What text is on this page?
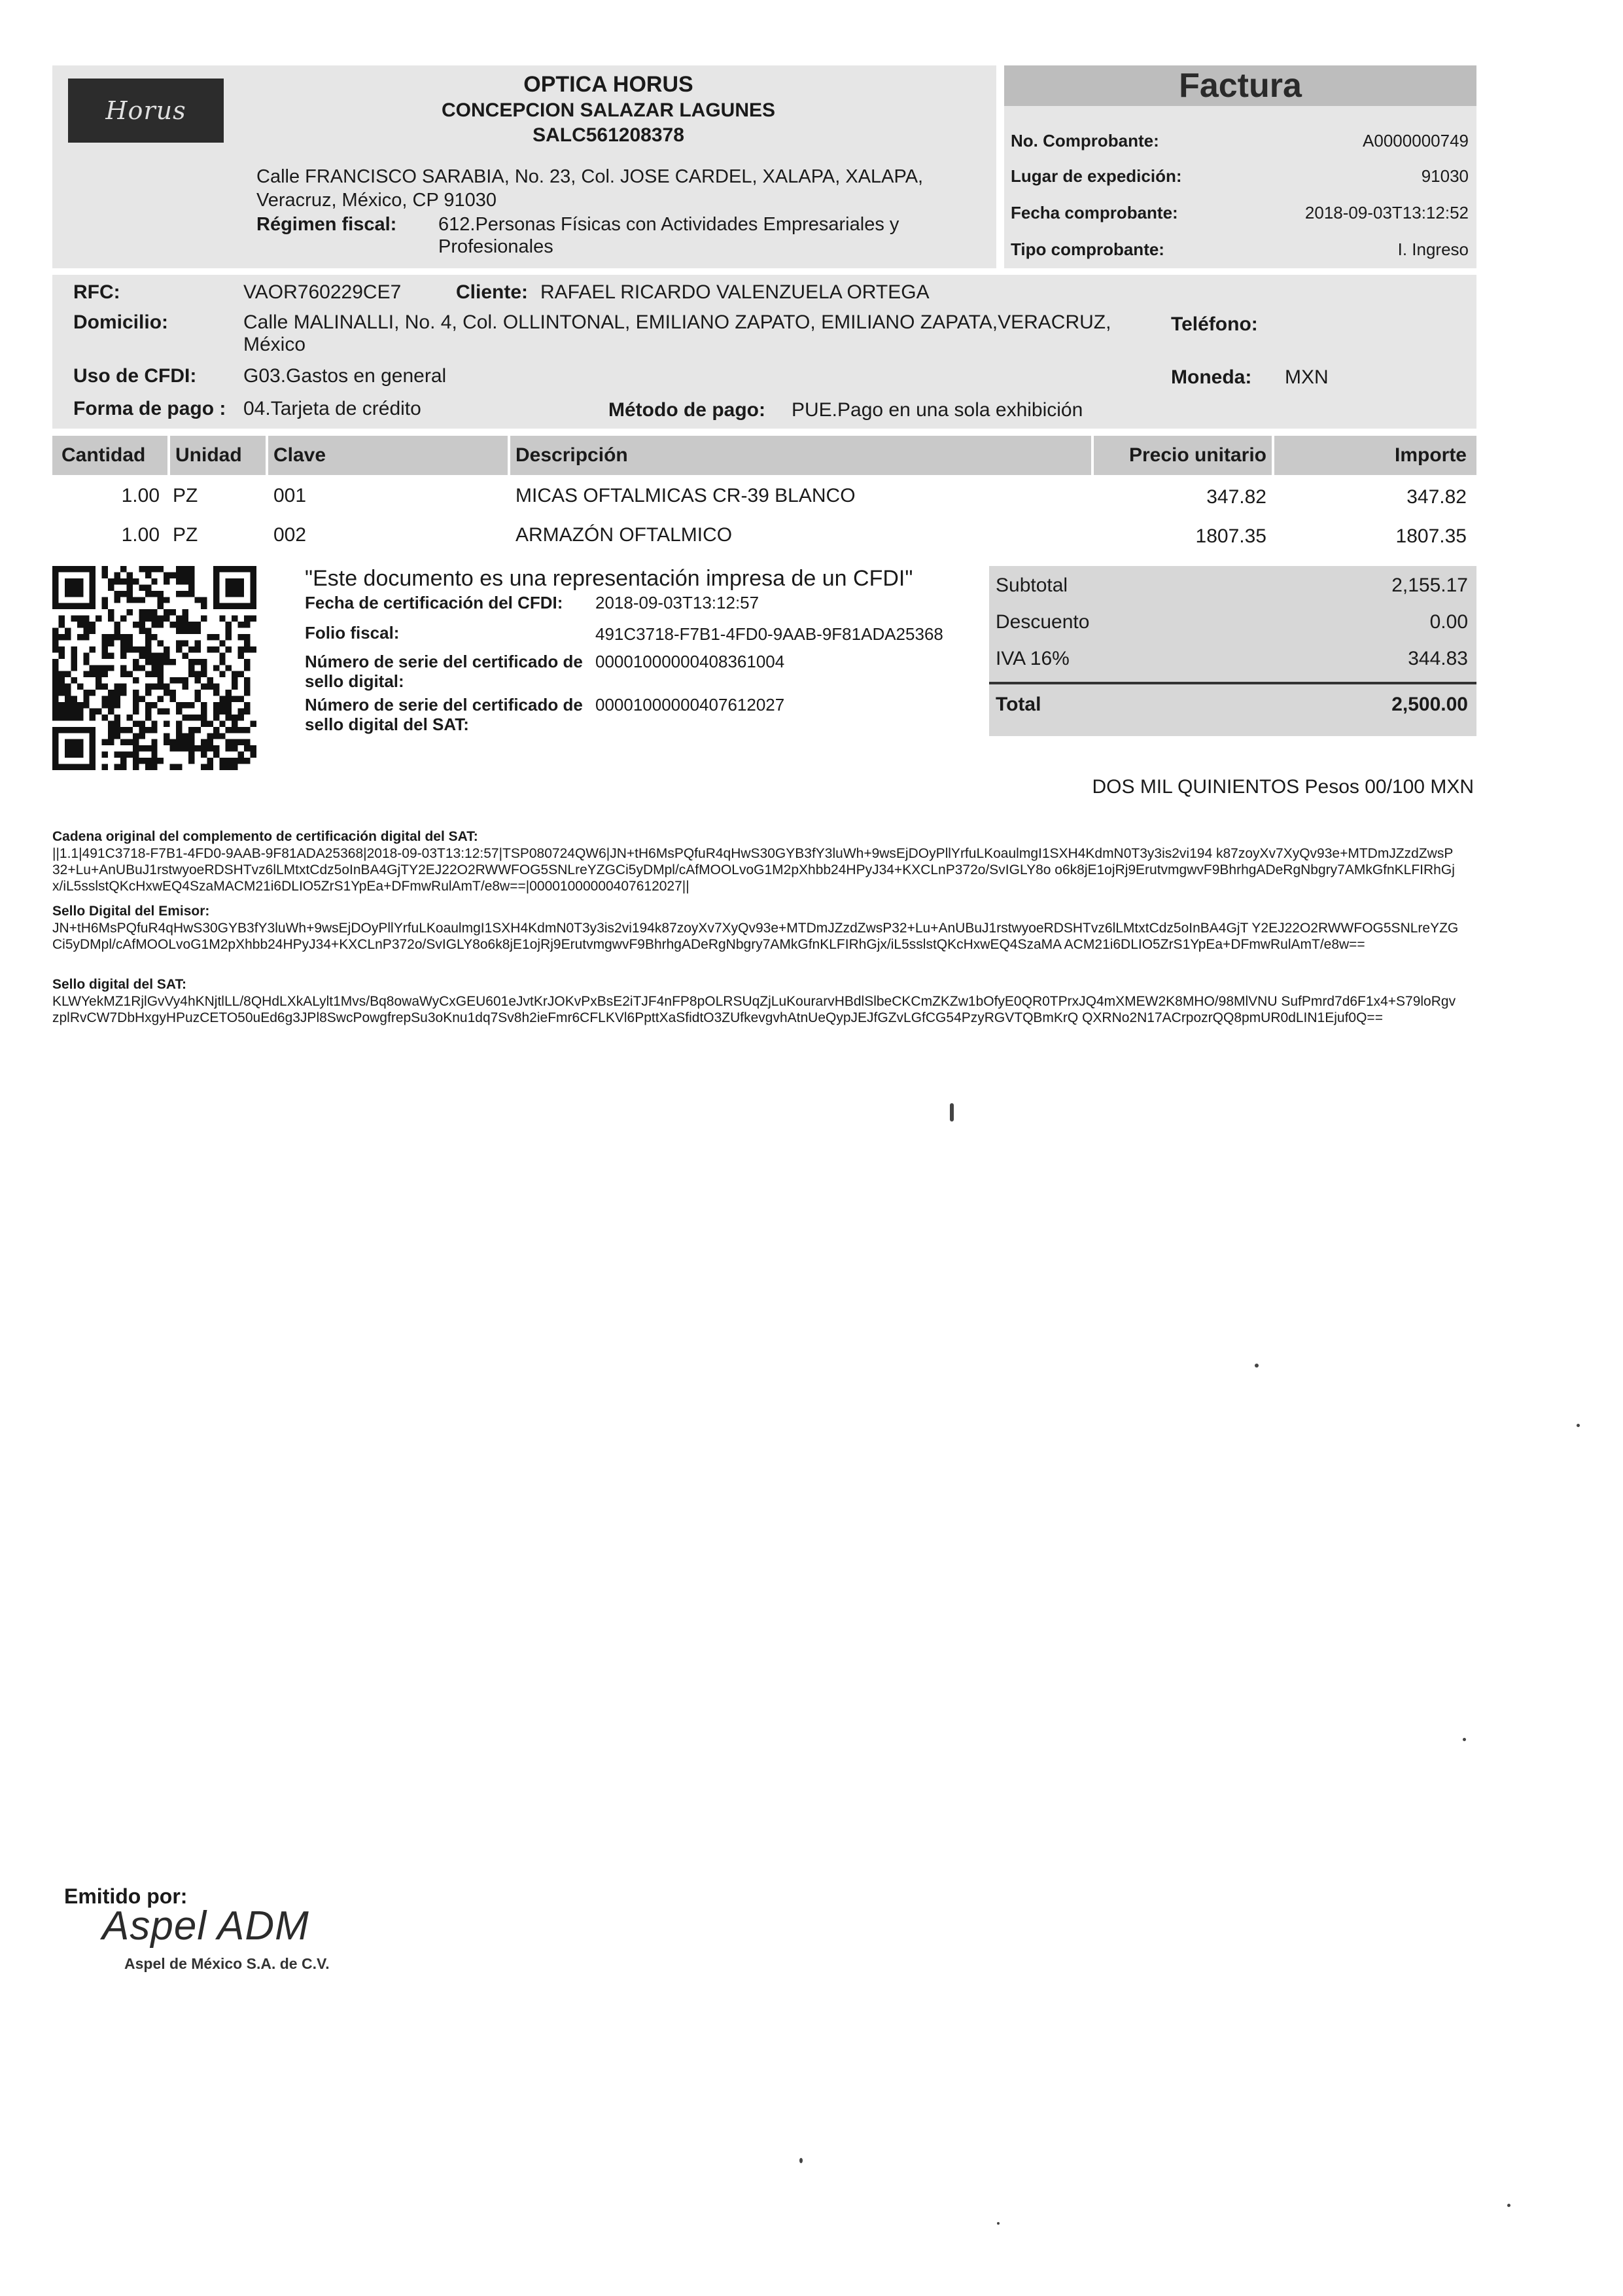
Horus
OPTICA HORUS
CONCEPCION SALAZAR LAGUNES
SALC561208378
Calle FRANCISCO SARABIA, No. 23, Col. JOSE CARDEL, XALAPA, XALAPA, Veracruz, México, CP 91030
Régimen fiscal:	612.Personas Físicas con Actividades Empresariales y Profesionales
Factura
No. Comprobante:	A0000000749
Lugar de expedición:	91030
Fecha comprobante:	2018-09-03T13:12:52
Tipo comprobante:	I. Ingreso
RFC:	VAOR760229CE7	Cliente: RAFAEL RICARDO VALENZUELA ORTEGA
Domicilio:	Calle MALINALLI, No. 4, Col. OLLINTONAL, EMILIANO ZAPATO, EMILIANO ZAPATA,VERACRUZ, México
Teléfono:
Uso de CFDI: G03.Gastos en general	Moneda: MXN
Forma de pago : 04.Tarjeta de crédito	Método de pago: PUE.Pago en una sola exhibición
Cantidad Unidad Clave	Descripción	Precio unitario	Importe
1.00 PZ	001	MICAS OFTALMICAS CR-39 BLANCO	347.82	347.82
1.00 PZ	002	ARMAZÓN OFTALMICO	1807.35	1807.35
"Este documento es una representación impresa de un CFDI"
Fecha de certificación del CFDI:	2018-09-03T13:12:57
Folio fiscal:	491C3718-F7B1-4FD0-9AAB-9F81ADA25368
Número de serie del certificado de sello digital:
00001000000408361004
Número de serie del certificado de sello digital del SAT:
00001000000407612027
Subtotal	2,155.17
Descuento	0.00
IVA 16%	344.83
Total	2,500.00
DOS MIL QUINIENTOS Pesos 00/100 MXN
Cadena original del complemento de certificación digital del SAT:
||1.1|491C3718-F7B1-4FD0-9AAB-9F81ADA25368|2018-09-03T13:12:57|TSP080724QW6|JN+tH6MsPQfuR4qHwS30GYB3fY3luWh+9wsEjDOyPllYrfuLKoaulmgI1SXH4KdmN0T3y3is2vi194 k87zoyXv7XyQv93e+MTDmJZzdZwsP32+Lu+AnUBuJ1rstwyoeRDSHTvz6lLMtxtCdz5oInBA4GjTY2EJ22O2RWWFOG5SNLreYZGCi5yDMpl/cAfMOOLvoG1M2pXhbb24HPyJ34+KXCLnP372o/SvIGLY8o o6k8jE1ojRj9ErutvmgwvF9BhrhgADeRgNbgry7AMkGfnKLFIRhGjx/iL5sslstQKcHxwEQ4SzaMACM21i6DLIO5ZrS1YpEa+DFmwRulAmT/e8w==|00001000000407612027||
Sello Digital del Emisor:
JN+tH6MsPQfuR4qHwS30GYB3fY3luWh+9wsEjDOyPllYrfuLKoaulmgI1SXH4KdmN0T3y3is2vi194k87zoyXv7XyQv93e+MTDmJZzdZwsP32+Lu+AnUBuJ1rstwyoeRDSHTvz6lLMtxtCdz5oInBA4GjT Y2EJ22O2RWWFOG5SNLreYZGCi5yDMpl/cAfMOOLvoG1M2pXhbb24HPyJ34+KXCLnP372o/SvIGLY8o6k8jE1ojRj9ErutvmgwvF9BhrhgADeRgNbgry7AMkGfnKLFIRhGjx/iL5sslstQKcHxwEQ4SzaMA ACM21i6DLIO5ZrS1YpEa+DFmwRulAmT/e8w==
Sello digital del SAT:
KLWYekMZ1RjlGvVy4hKNjtlLL/8QHdLXkALylt1Mvs/Bq8owaWyCxGEU601eJvtKrJOKvPxBsE2iTJF4nFP8pOLRSUqZjLuKourarvHBdlSlbeCKCmZKZw1bOfyE0QR0TPrxJQ4mXMEW2K8MHO/98MlVNU SufPmrd7d6F1x4+S79loRgvzplRvCW7DbHxgyHPuzCETO50uEd6g3JPl8SwcPowgfrepSu3oKnu1dq7Sv8h2ieFmr6CFLKVl6PpttXaSfidtO3ZUfkevgvhAtnUeQypJEJfGZvLGfCG54PzyRGVTQBmKrQ QXRNo2N17ACrpozrQQ8pmUR0dLIN1Ejuf0Q==
Emitido por:
Aspel ADM
Aspel de México S.A. de C.V.
